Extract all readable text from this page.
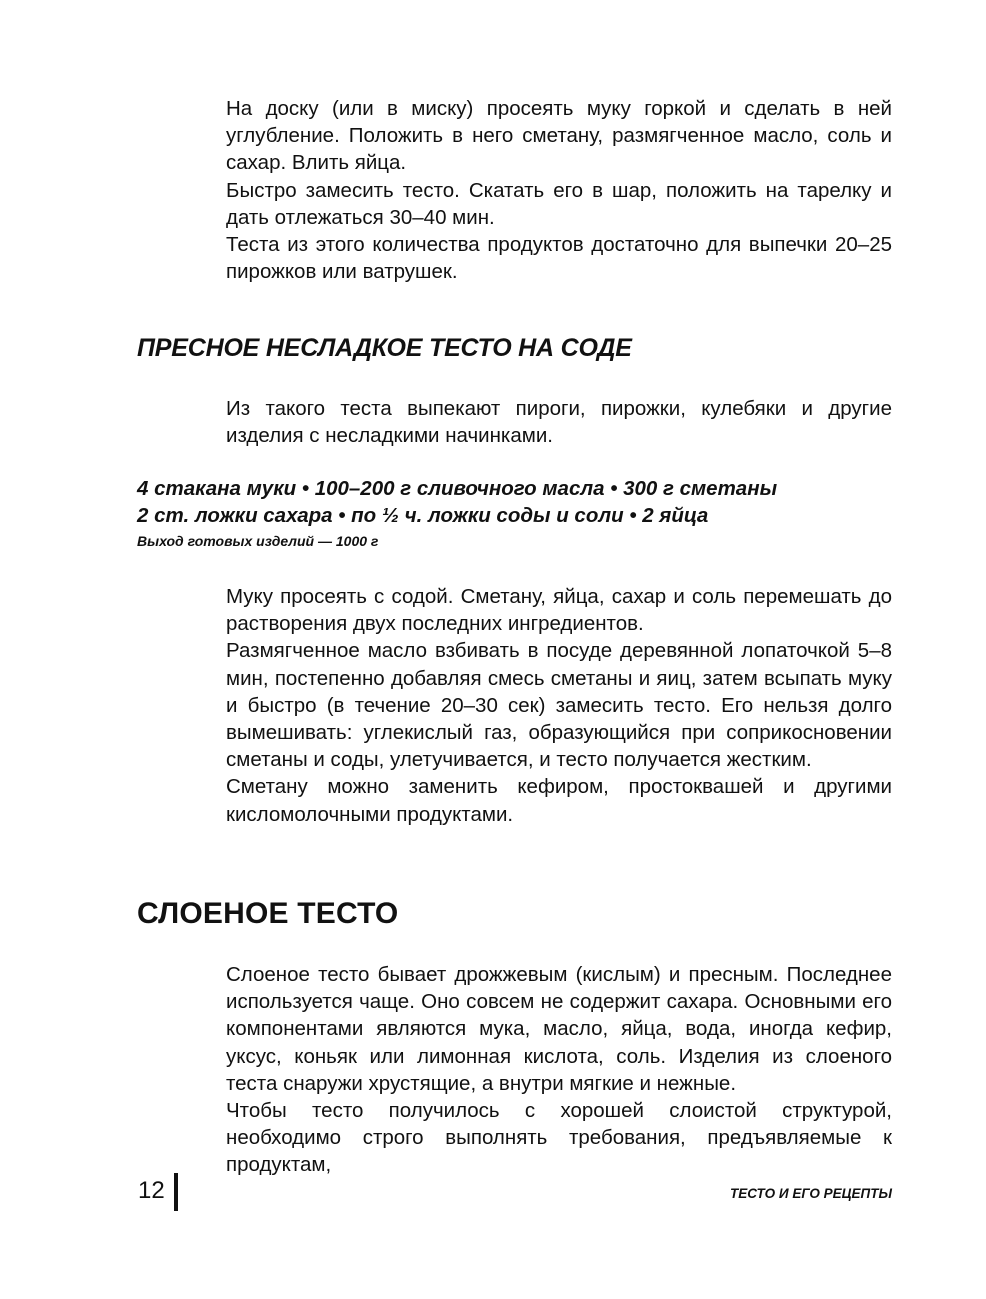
На доску (или в миску) просеять муку горкой и сделать в ней углубление. Положить в него сметану, размягченное масло, соль и сахар. Влить яйца.

Быстро замесить тесто. Скатать его в шар, положить на тарелку и дать отлежаться 30–40 мин.

Теста из этого количества продуктов достаточно для выпечки 20–25 пирожков или ватрушек.

ПРЕСНОЕ НЕСЛАДКОЕ ТЕСТО НА СОДЕ

Из такого теста выпекают пироги, пирожки, кулебяки и другие изделия с несладкими начинками.

4 стакана муки • 100–200 г сливочного масла • 300 г сметаны

2 ст. ложки сахара • по ½ ч. ложки соды и соли • 2 яйца

Выход готовых изделий — 1000 г

Муку просеять с содой. Сметану, яйца, сахар и соль перемешать до растворения двух последних ингредиентов.

Размягченное масло взбивать в посуде деревянной лопаточкой 5–8 мин, постепенно добавляя смесь сметаны и яиц, затем всыпать муку и быстро (в течение 20–30 сек) замесить тесто. Его нельзя долго вымешивать: углекислый газ, образующийся при соприкосновении сметаны и соды, улетучивается, и тесто получается жестким.

Сметану можно заменить кефиром, простоквашей и другими кисломолочными продуктами.

СЛОЕНОЕ ТЕСТО

Слоеное тесто бывает дрожжевым (кислым) и пресным. Последнее используется чаще. Оно совсем не содержит сахара. Основными его компонентами являются мука, масло, яйца, вода, иногда кефир, уксус, коньяк или лимонная кислота, соль. Изделия из слоеного теста снаружи хрустящие, а внутри мягкие и нежные.

Чтобы тесто получилось с хорошей слоистой структурой, необходимо строго выполнять требования, предъявляемые к продуктам,

12	ТЕСТО И ЕГО РЕЦЕПТЫ
